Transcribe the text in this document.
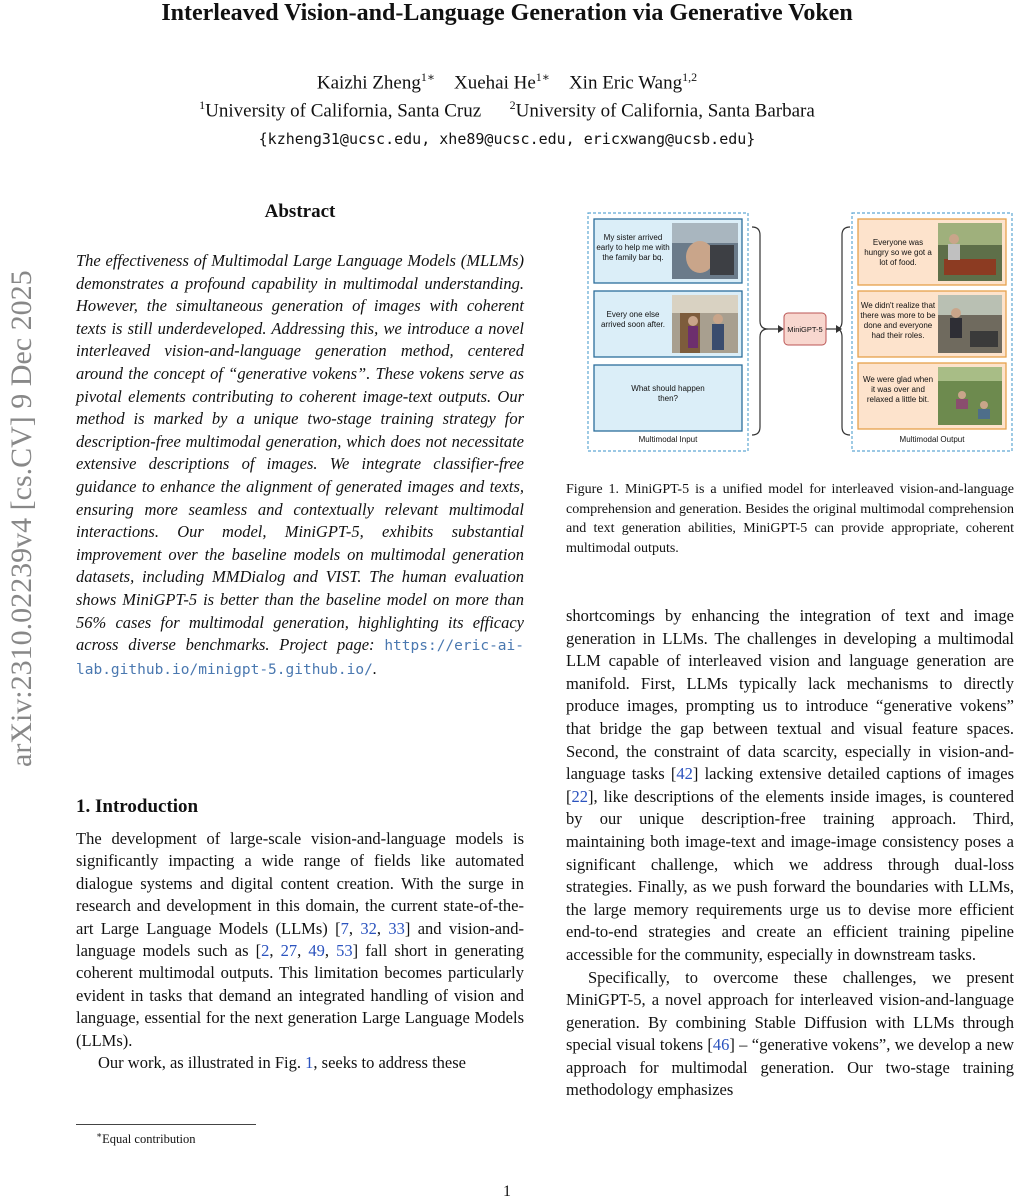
Interleaved Vision-and-Language Generation via Generative Voken
Kaizhi Zheng$^{1∗}$ Xuehai $He^{1∗}$ Xin Eric Wang$^{1,2}$
$^1$University of California, Santa Cruz $^2$University of California, Santa Barbara
{kzheng31@ucsc.edu, xhe89@ucsc.edu, ericxwang@ucsb.edu}
arXiv:2310.02239v4 [cs.CV] 9 Dec 2025
Abstract
The effectiveness of Multimodal Large Language Models (MLLMs) demonstrates a profound capability in multimodal understanding. However, the simultaneous generation of images with coherent texts is still underdeveloped. Addressing this, we introduce a novel interleaved vision-and-language generation method, centered around the concept of “generative vokens”. These vokens serve as pivotal elements contributing to coherent image-text outputs. Our method is marked by a unique two-stage training strategy for description-free multimodal generation, which does not necessitate extensive descriptions of images. We integrate classifier-free guidance to enhance the alignment of generated images and texts, ensuring more seamless and contextually relevant multimodal interactions. Our model, MiniGPT-5, exhibits substantial improvement over the baseline models on multimodal generation datasets, including MMDialog and VIST. The human evaluation shows MiniGPT-5 is better than the baseline model on more than 56% cases for multimodal generation, highlighting its efficacy across diverse benchmarks. Project page: https://eric-ai-lab.github.io/minigpt-5.github.io/.
1. Introduction

The development of large-scale vision-and-language models is significantly impacting a wide range of fields like automated dialogue systems and digital content creation. With the surge in research and development in this domain, the current state-of-the-art Large Language Models (LLMs) [7, 32, 33] and vision-and-language models such as [2, 27, 49, 53] fall short in generating coherent multimodal outputs. This limitation becomes particularly evident in tasks that demand an integrated handling of vision and language, essential for the next generation Large Language Models (LLMs).

Our work, as illustrated in Fig. 1, seeks to address these

∗Equal contribution
My sister arrived early to help me with the family bar bq.
Every one else arrived soon after.
What should happen then?
Multimodal Input
MiniGPT-5
Everyone was hungry so we got a lot of food.
We didn't realize that there was more to be done and everyone had their roles.
We were glad when it was over and relaxed a little bit.
Multimodal Output
Figure 1. MiniGPT-5 is a unified model for interleaved vision-and-language comprehension and generation. Besides the original multimodal comprehension and text generation abilities, MiniGPT-5 can provide appropriate, coherent multimodal outputs.

shortcomings by enhancing the integration of text and image generation in LLMs. The challenges in developing a multimodal LLM capable of interleaved vision and language generation are manifold. First, LLMs typically lack mechanisms to directly produce images, prompting us to introduce “generative vokens” that bridge the gap between textual and visual feature spaces. Second, the constraint of data scarcity, especially in vision-and-language tasks [42] lacking extensive detailed captions of images [22], like descriptions of the elements inside images, is countered by our unique description-free training approach. Third, maintaining both image-text and image-image consistency poses a significant challenge, which we address through dual-loss strategies. Finally, as we push forward the boundaries with LLMs, the large memory requirements urge us to devise more efficient end-to-end strategies and create an efficient training pipeline accessible for the community, especially in downstream tasks.

Specifically, to overcome these challenges, we present MiniGPT-5, a novel approach for interleaved vision-and-language generation. By combining Stable Diffusion with LLMs through special visual tokens [46] – “generative vokens”, we develop a new approach for multimodal generation. Our two-stage training methodology emphasizes

1
